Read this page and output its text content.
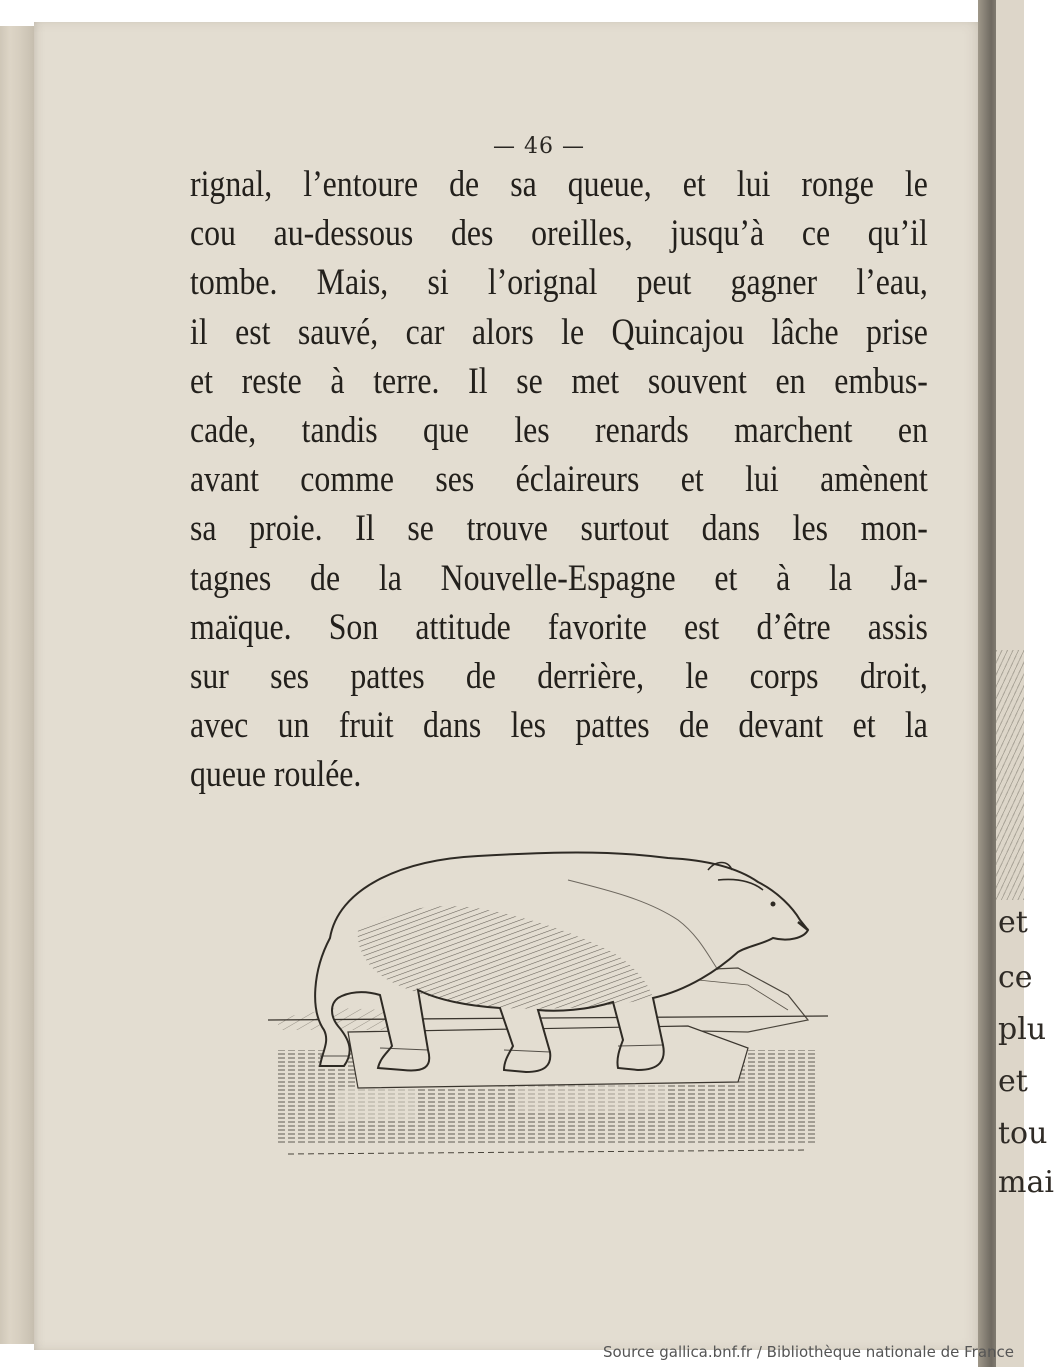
— 46 —
rignal, l’entoure de sa queue, et lui ronge le
cou au-dessous des oreilles, jusqu’à ce qu’il
tombe. Mais, si l’orignal peut gagner l’eau,
il est sauvé, car alors le Quincajou lâche prise
et reste à terre. Il se met souvent en embus-
cade, tandis que les renards marchent en
avant comme ses éclaireurs et lui amènent
sa proie. Il se trouve surtout dans les mon-
tagnes de la Nouvelle-Espagne et à la Ja-
maïque. Son attitude favorite est d’être assis
sur ses pattes de derrière, le corps droit,
avec un fruit dans les pattes de devant et la
queue roulée.
et
ce
plu
et
tou
mai
Source gallica.bnf.fr / Bibliothèque nationale de France
